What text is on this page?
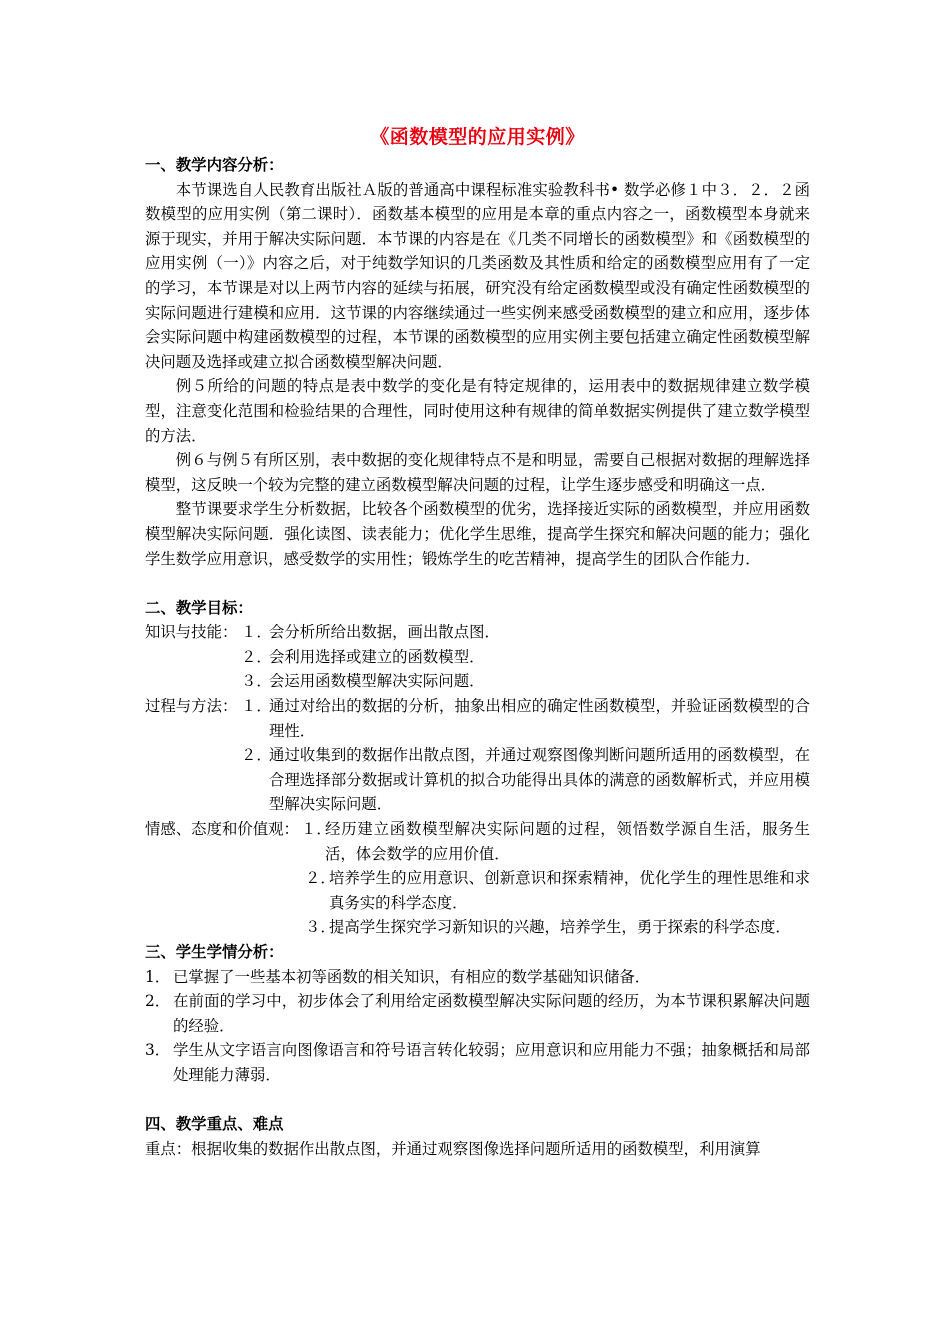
《函数模型的应用实例》
一、教学内容分析：

本节课选自人民教育出版社Ａ版的普通高中课程标准实验教科书• 数学必修１中３．２．２函数模型的应用实例（第二课时）．函数基本模型的应用是本章的重点内容之一，函数模型本身就来源于现实，并用于解决实际问题．本节课的内容是在《几类不同增长的函数模型》和《函数模型的应用实例（一）》内容之后，对于纯数学知识的几类函数及其性质和给定的函数模型应用有了一定的学习，本节课是对以上两节内容的延续与拓展，研究没有给定函数模型或没有确定性函数模型的实际问题进行建模和应用．这节课的内容继续通过一些实例来感受函数模型的建立和应用，逐步体会实际问题中构建函数模型的过程，本节课的函数模型的应用实例主要包括建立确定性函数模型解决问题及选择或建立拟合函数模型解决问题．

例５所给的问题的特点是表中数学的变化是有特定规律的，运用表中的数据规律建立数学模型，注意变化范围和检验结果的合理性，同时使用这种有规律的简单数据实例提供了建立数学模型的方法．

例６与例５有所区别，表中数据的变化规律特点不是和明显，需要自己根据对数据的理解选择模型，这反映一个较为完整的建立函数模型解决问题的过程，让学生逐步感受和明确这一点．

整节课要求学生分析数据，比较各个函数模型的优劣，选择接近实际的函数模型，并应用函数模型解决实际问题．强化读图、读表能力；优化学生思维，提高学生探究和解决问题的能力；强化学生数学应用意识，感受数学的实用性；锻炼学生的吃苦精神，提高学生的团队合作能力．

二、教学目标：
知识与技能： １．
会分析所给出数据，画出散点图．
２．
会利用选择或建立的函数模型．
３．
会运用函数模型解决实际问题．
过程与方法： １．
通过对给出的数据的分析，抽象出相应的确定性函数模型，并验证函数模型的合理性．
２．
通过收集到的数据作出散点图，并通过观察图像判断问题所适用的函数模型，在合理选择部分数据或计算机的拟合功能得出具体的满意的函数解析式，并应用模型解决实际问题．
情感、态度和价值观： １．
经历建立函数模型解决实际问题的过程，领悟数学源自生活，服务生活，体会数学的应用价值．
２．
培养学生的应用意识、创新意识和探索精神，优化学生的理性思维和求真务实的科学态度．
３．
提高学生探究学习新知识的兴趣，培养学生，勇于探索的科学态度．
三、学生学情分析：
1． 已掌握了一些基本初等函数的相关知识，有相应的数学基础知识储备．
2． 在前面的学习中，初步体会了利用给定函数模型解决实际问题的经历，为本节课积累解决问题的经验．
3． 学生从文字语言向图像语言和符号语言转化较弱；应用意识和应用能力不强；抽象概括和局部处理能力薄弱．
四、教学重点、难点

重点：根据收集的数据作出散点图，并通过观察图像选择问题所适用的函数模型，利用演算
